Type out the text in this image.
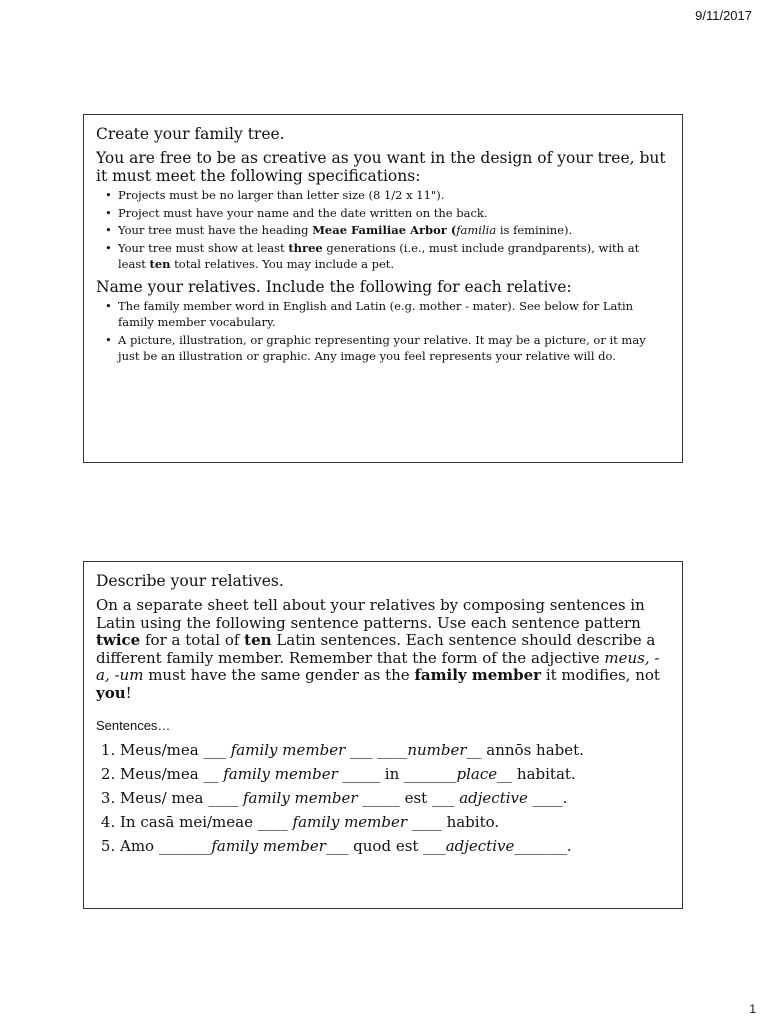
9/11/2017
Create your family tree.
You are free to be as creative as you want in the design of your tree, but it must meet the following specifications:
• Projects must be no larger than letter size (8 1/2 x 11").
• Project must have your name and the date written on the back.
• Your tree must have the heading Meae Familiae Arbor (familia is feminine).
• Your tree must show at least three generations (i.e., must include grandparents), with at least ten total relatives. You may include a pet.
Name your relatives. Include the following for each relative:
• The family member word in English and Latin (e.g. mother - mater). See below for Latin family member vocabulary.
• A picture, illustration, or graphic representing your relative. It may be a picture, or it may just be an illustration or graphic. Any image you feel represents your relative will do.
Describe your relatives.
On a separate sheet tell about your relatives by composing sentences in Latin using the following sentence patterns. Use each sentence pattern twice for a total of ten Latin sentences. Each sentence should describe a different family member. Remember that the form of the adjective meus, -a, -um must have the same gender as the family member it modifies, not you!
Sentences…
1. Meus/mea ___ family member ___ ____number__ annōs habet.
2. Meus/mea __ family member _____ in _______place__ habitat.
3. Meus/ mea ____ family member _____ est ___ adjective ____.
4. In casā mei/meae ____ family member ____ habito.
5. Amo _______family member___ quod est ___adjective_______.
1
